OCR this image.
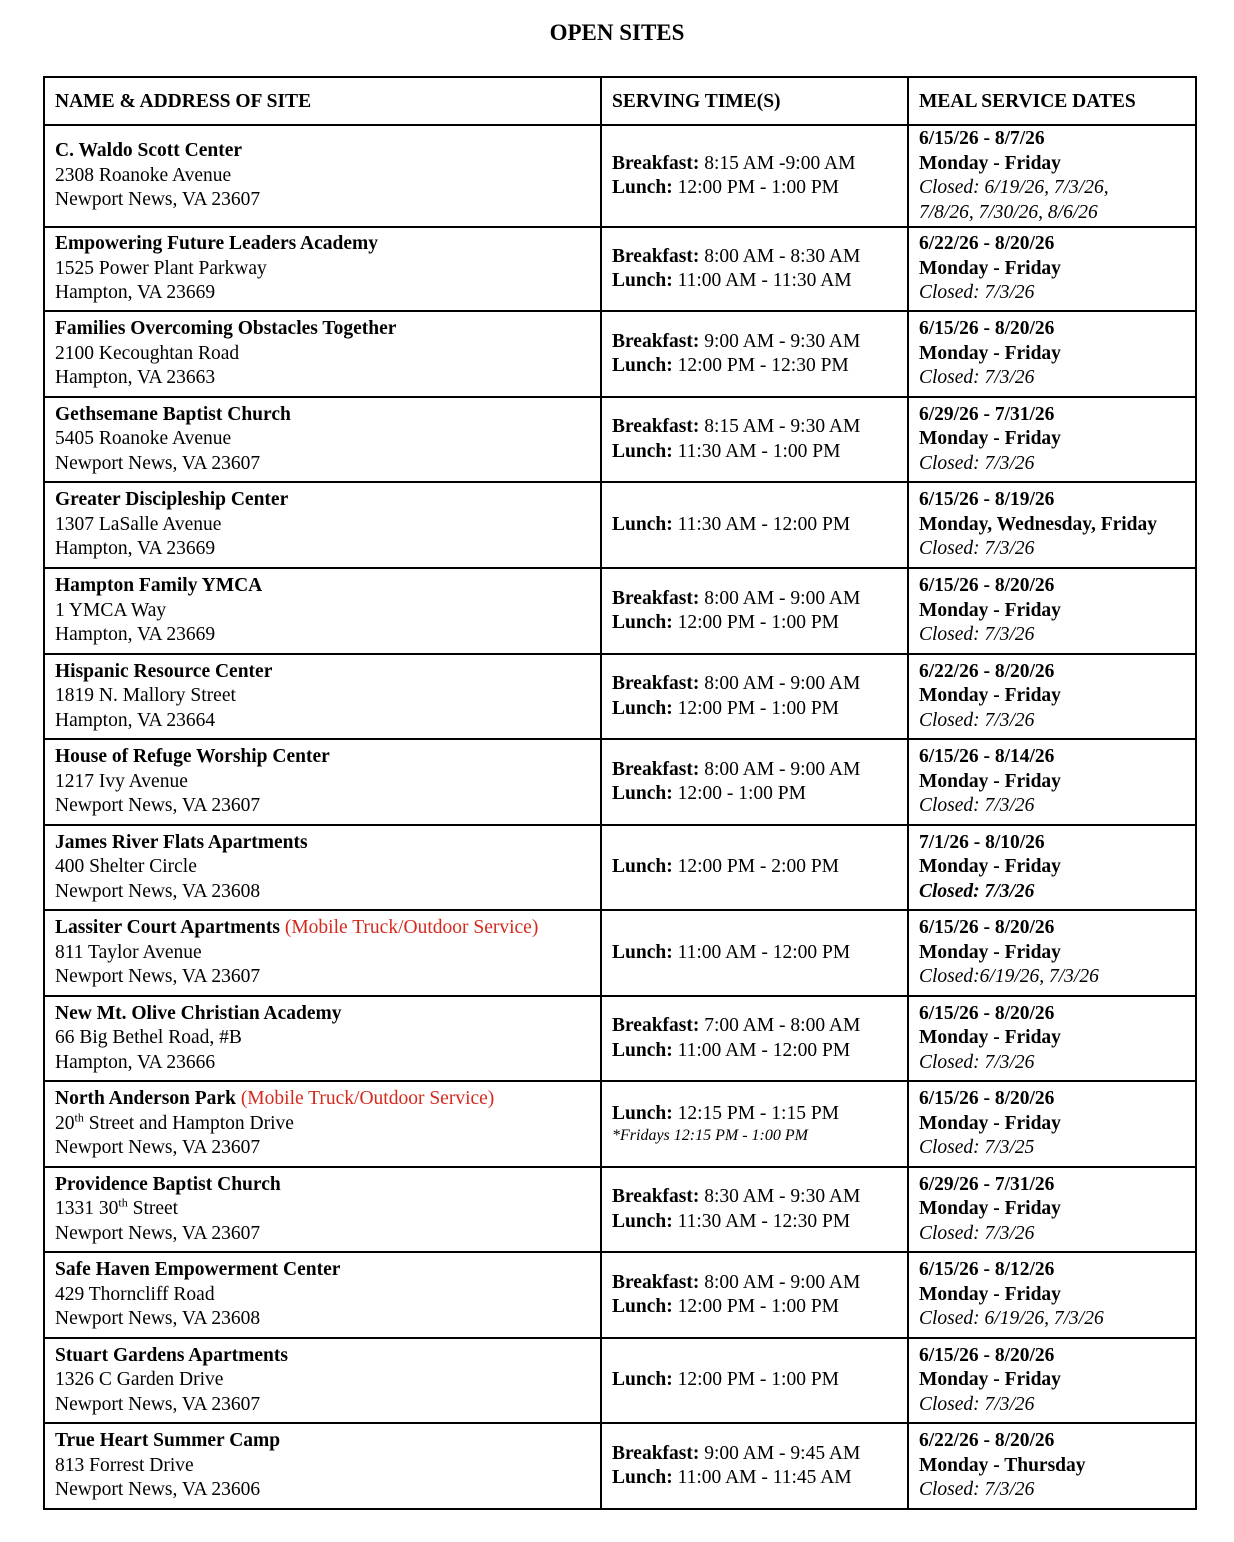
OPEN SITES
NAME & ADDRESS OF SITE	SERVING TIME(S)	MEAL SERVICE DATES

C. Waldo Scott Center
2308 Roanoke Avenue
Newport News, VA 23607	Breakfast: 8:15 AM -9:00 AM
Lunch: 12:00 PM - 1:00 PM	6/15/26 - 8/7/26
Monday - Friday
Closed: 6/19/26, 7/3/26,
7/8/26, 7/30/26, 8/6/26

Empowering Future Leaders Academy
1525 Power Plant Parkway
Hampton, VA 23669	Breakfast: 8:00 AM - 8:30 AM
Lunch: 11:00 AM - 11:30 AM	6/22/26 - 8/20/26
Monday - Friday
Closed: 7/3/26

Families Overcoming Obstacles Together
2100 Kecoughtan Road
Hampton, VA 23663	Breakfast: 9:00 AM - 9:30 AM
Lunch: 12:00 PM - 12:30 PM	6/15/26 - 8/20/26
Monday - Friday
Closed: 7/3/26

Gethsemane Baptist Church
5405 Roanoke Avenue
Newport News, VA 23607	Breakfast: 8:15 AM - 9:30 AM
Lunch: 11:30 AM - 1:00 PM	6/29/26 - 7/31/26
Monday - Friday
Closed: 7/3/26

Greater Discipleship Center
1307 LaSalle Avenue
Hampton, VA 23669	Lunch: 11:30 AM - 12:00 PM	6/15/26 - 8/19/26
Monday, Wednesday, Friday
Closed: 7/3/26

Hampton Family YMCA
1 YMCA Way
Hampton, VA 23669	Breakfast: 8:00 AM - 9:00 AM
Lunch: 12:00 PM - 1:00 PM	6/15/26 - 8/20/26
Monday - Friday
Closed: 7/3/26

Hispanic Resource Center
1819 N. Mallory Street
Hampton, VA 23664	Breakfast: 8:00 AM - 9:00 AM
Lunch: 12:00 PM - 1:00 PM	6/22/26 - 8/20/26
Monday - Friday
Closed: 7/3/26

House of Refuge Worship Center
1217 Ivy Avenue
Newport News, VA 23607	Breakfast: 8:00 AM - 9:00 AM
Lunch: 12:00 - 1:00 PM	6/15/26 - 8/14/26
Monday - Friday
Closed: 7/3/26

James River Flats Apartments
400 Shelter Circle
Newport News, VA 23608	Lunch: 12:00 PM - 2:00 PM	7/1/26 - 8/10/26
Monday - Friday
Closed: 7/3/26

Lassiter Court Apartments (Mobile Truck/Outdoor Service)
811 Taylor Avenue
Newport News, VA 23607	Lunch: 11:00 AM - 12:00 PM	6/15/26 - 8/20/26
Monday - Friday
Closed:6/19/26, 7/3/26

New Mt. Olive Christian Academy
66 Big Bethel Road, #B
Hampton, VA 23666	Breakfast: 7:00 AM - 8:00 AM
Lunch: 11:00 AM - 12:00 PM	6/15/26 - 8/20/26
Monday - Friday
Closed: 7/3/26

North Anderson Park (Mobile Truck/Outdoor Service)
20th Street and Hampton Drive
Newport News, VA 23607	Lunch: 12:15 PM - 1:15 PM
*Fridays 12:15 PM - 1:00 PM	6/15/26 - 8/20/26
Monday - Friday
Closed: 7/3/25

Providence Baptist Church
1331 30th Street
Newport News, VA 23607	Breakfast: 8:30 AM - 9:30 AM
Lunch: 11:30 AM - 12:30 PM	6/29/26 - 7/31/26
Monday - Friday
Closed: 7/3/26

Safe Haven Empowerment Center
429 Thorncliff Road
Newport News, VA 23608	Breakfast: 8:00 AM - 9:00 AM
Lunch: 12:00 PM - 1:00 PM	6/15/26 - 8/12/26
Monday - Friday
Closed: 6/19/26, 7/3/26

Stuart Gardens Apartments
1326 C Garden Drive
Newport News, VA 23607	Lunch: 12:00 PM - 1:00 PM	6/15/26 - 8/20/26
Monday - Friday
Closed: 7/3/26

True Heart Summer Camp
813 Forrest Drive
Newport News, VA 23606	Breakfast: 9:00 AM - 9:45 AM
Lunch: 11:00 AM - 11:45 AM	6/22/26 - 8/20/26
Monday - Thursday
Closed: 7/3/26
